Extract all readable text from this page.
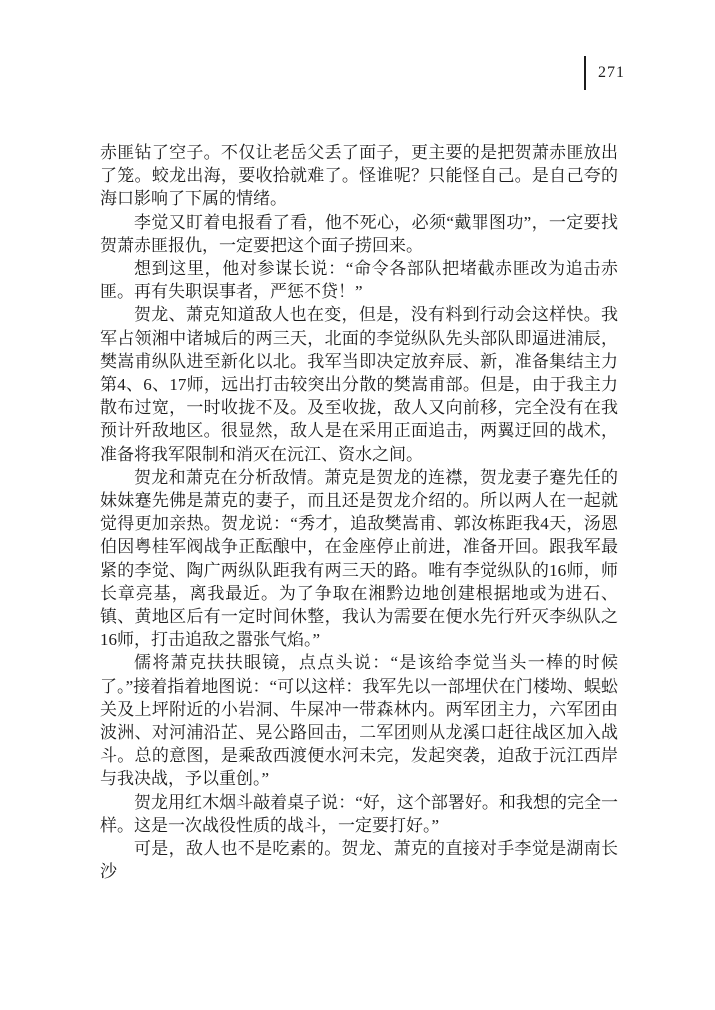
271

赤匪钻了空子。不仅让老岳父丢了面子，更主要的是把贺萧赤匪放出了笼。蛟龙出海，要收拾就难了。怪谁呢？只能怪自己。是自己夸的海口影响了下属的情绪。

李觉又盯着电报看了看，他不死心，必须“戴罪图功”，一定要找贺萧赤匪报仇，一定要把这个面子捞回来。

想到这里，他对参谋长说：“命令各部队把堵截赤匪改为追击赤匪。再有失职误事者，严惩不贷！”

贺龙、萧克知道敌人也在变，但是，没有料到行动会这样快。我军占领湘中诸城后的两三天，北面的李觉纵队先头部队即逼进浦辰，樊嵩甫纵队进至新化以北。我军当即决定放弃辰、新，准备集结主力第4、6、17师，远出打击较突出分散的樊嵩甫部。但是，由于我主力散布过宽，一时收拢不及。及至收拢，敌人又向前移，完全没有在我预计歼敌地区。很显然，敌人是在采用正面追击，两翼迂回的战术，准备将我军限制和消灭在沅江、资水之间。

贺龙和萧克在分析敌情。萧克是贺龙的连襟，贺龙妻子蹇先任的妹妹蹇先佛是萧克的妻子，而且还是贺龙介绍的。所以两人在一起就觉得更加亲热。贺龙说：“秀才，追敌樊嵩甫、郭汝栋距我4天，汤恩伯因粤桂军阀战争正酝酿中，在金座停止前进，准备开回。跟我军最紧的李觉、陶广两纵队距我有两三天的路。唯有李觉纵队的16师，师长章亮基，离我最近。为了争取在湘黔边地创建根据地或为进石、镇、黄地区后有一定时间休整，我认为需要在便水先行歼灭李纵队之 16师，打击追敌之嚣张气焰。”

儒将萧克扶扶眼镜，点点头说：“是该给李觉当头一棒的时候了。”接着指着地图说：“可以这样：我军先以一部埋伏在门楼坳、蜈蚣关及上坪附近的小岩洞、牛屎冲一带森林内。两军团主力，六军团由波洲、对河浦沿芷、晃公路回击，二军团则从龙溪口赶往战区加入战斗。总的意图，是乘敌西渡便水河未完，发起突袭，迫敌于沅江西岸与我决战，予以重创。”

贺龙用红木烟斗敲着桌子说：“好，这个部署好。和我想的完全一样。这是一次战役性质的战斗，一定要打好。”

可是，敌人也不是吃素的。贺龙、萧克的直接对手李觉是湖南长沙
